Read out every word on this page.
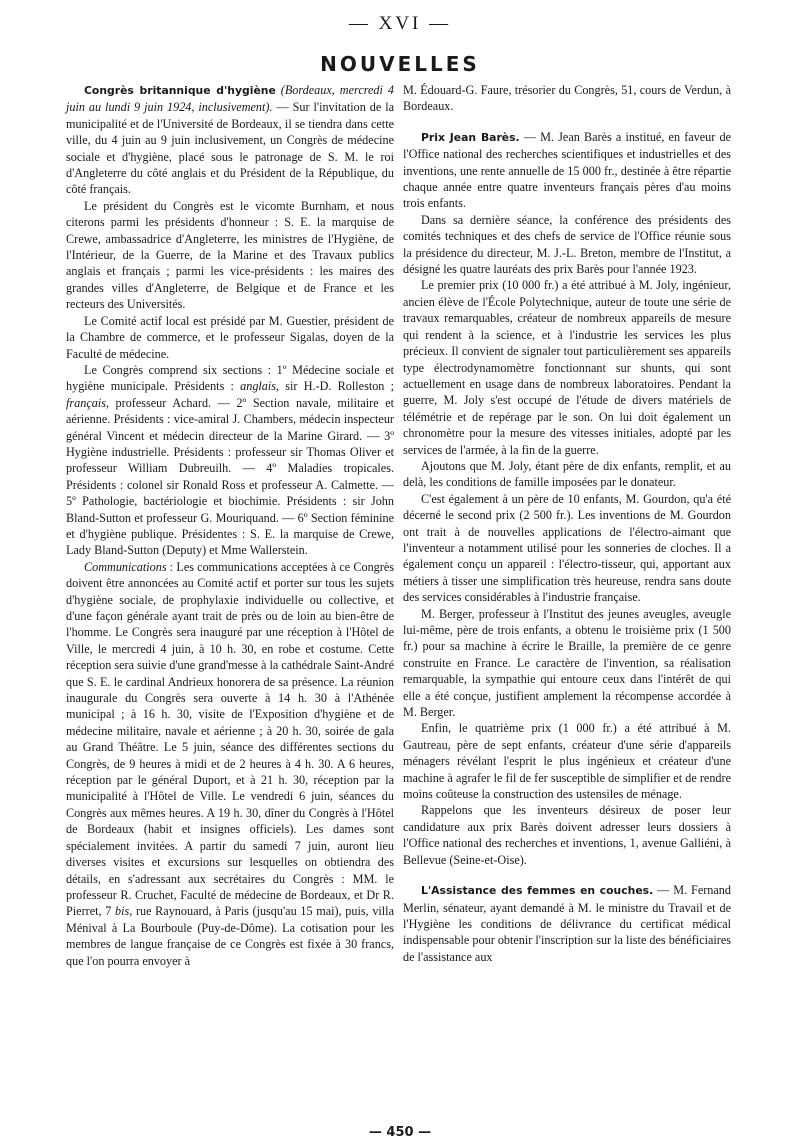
— XVI —
NOUVELLES

Congrès britannique d'hygiène (Bordeaux, mercredi 4 juin au lundi 9 juin 1924, inclusivement). — Sur l'invitation de la municipalité et de l'Université de Bordeaux, il se tiendra dans cette ville, du 4 juin au 9 juin inclusivement, un Congrès de médecine sociale et d'hygiène, placé sous le patronage de S. M. le roi d'Angleterre du côté anglais et du Président de la République, du côté français.

Le président du Congrès est le vicomte Burnham, et nous citerons parmi les présidents d'honneur : S. E. la marquise de Crewe, ambassadrice d'Angleterre, les ministres de l'Hygiène, de l'Intérieur, de la Guerre, de la Marine et des Travaux publics anglais et français ; parmi les vice-présidents : les maires des grandes villes d'Angleterre, de Belgique et de France et les recteurs des Universités.

Le Comité actif local est présidé par M. Guestier, président de la Chambre de commerce, et le professeur Sigalas, doyen de la Faculté de médecine.

Le Congrès comprend six sections : 1º Médecine sociale et hygiène municipale. Présidents : anglais, sir H.-D. Rolleston ; français, professeur Achard. — 2º Section navale, militaire et aérienne. Présidents : vice-amiral J. Chambers, médecin inspecteur général Vincent et médecin directeur de la Marine Girard. — 3º Hygiène industrielle. Présidents : professeur sir Thomas Oliver et professeur William Dubreuilh. — 4º Maladies tropicales. Présidents : colonel sir Ronald Ross et professeur A. Calmette. — 5º Pathologie, bactériologie et biochimie. Présidents : sir John Bland-Sutton et professeur G. Mouriquand. — 6º Section féminine et d'hygiène publique. Présidentes : S. E. la marquise de Crewe, Lady Bland-Sutton (Deputy) et Mme Wallerstein.

Communications : Les communications acceptées à ce Congrès doivent être annoncées au Comité actif et porter sur tous les sujets d'hygiène sociale, de prophylaxie individuelle ou collective, et d'une façon générale ayant trait de près ou de loin au bien-être de l'homme. Le Congrès sera inauguré par une réception à l'Hôtel de Ville, le mercredi 4 juin, à 10 h. 30, en robe et costume. Cette réception sera suivie d'une grand'messe à la cathédrale Saint-André que S. E. le cardinal Andrieux honorera de sa présence. La réunion inaugurale du Congrès sera ouverte à 14 h. 30 à l'Athénée municipal ; à 16 h. 30, visite de l'Exposition d'hygiène et de médecine militaire, navale et aérienne ; à 20 h. 30, soirée de gala au Grand Théâtre. Le 5 juin, séance des différentes sections du Congrès, de 9 heures à midi et de 2 heures à 4 h. 30. A 6 heures, réception par le général Duport, et à 21 h. 30, réception par la municipalité à l'Hôtel de Ville. Le vendredi 6 juin, séances du Congrès aux mêmes heures. A 19 h. 30, dîner du Congrès à l'Hôtel de Bordeaux (habit et insignes officiels). Les dames sont spécialement invitées. A partir du samedi 7 juin, auront lieu diverses visites et excursions sur lesquelles on obtiendra des détails, en s'adressant aux secrétaires du Congrès : MM. le professeur R. Cruchet, Faculté de médecine de Bordeaux, et Dr R. Pierret, 7 bis, rue Raynouard, à Paris (jusqu'au 15 mai), puis, villa Ménival à La Bourboule (Puy-de-Dôme). La cotisation pour les membres de langue française de ce Congrès est fixée à 30 francs, que l'on pourra envoyer à

M. Édouard-G. Faure, trésorier du Congrès, 51, cours de Verdun, à Bordeaux.

Prix Jean Barès. — M. Jean Barès a institué, en faveur de l'Office national des recherches scientifiques et industrielles et des inventions, une rente annuelle de 15 000 fr., destinée à être répartie chaque année entre quatre inventeurs français pères d'au moins trois enfants.

Dans sa dernière séance, la conférence des présidents des comités techniques et des chefs de service de l'Office réunie sous la présidence du directeur, M. J.-L. Breton, membre de l'Institut, a désigné les quatre lauréats des prix Barès pour l'année 1923.

Le premier prix (10 000 fr.) a été attribué à M. Joly, ingénieur, ancien élève de l'École Polytechnique, auteur de toute une série de travaux remarquables, créateur de nombreux appareils de mesure qui rendent à la science, et à l'industrie les services les plus précieux. Il convient de signaler tout particulièrement ses appareils type électrodynamomètre fonctionnant sur shunts, qui sont actuellement en usage dans de nombreux laboratoires. Pendant la guerre, M. Joly s'est occupé de l'étude de divers matériels de télémétrie et de repérage par le son. On lui doit également un chronomètre pour la mesure des vitesses initiales, adopté par les services de l'armée, à la fin de la guerre.

Ajoutons que M. Joly, étant père de dix enfants, remplit, et au delà, les conditions de famille imposées par le donateur.

C'est également à un père de 10 enfants, M. Gourdon, qu'a été décerné le second prix (2 500 fr.). Les inventions de M. Gourdon ont trait à de nouvelles applications de l'électro-aimant que l'inventeur a notamment utilisé pour les sonneries de cloches. Il a également conçu un appareil : l'électro-tisseur, qui, apportant aux métiers à tisser une simplification très heureuse, rendra sans doute des services considérables à l'industrie française.

M. Berger, professeur à l'Institut des jeunes aveugles, aveugle lui-même, père de trois enfants, a obtenu le troisième prix (1 500 fr.) pour sa machine à écrire le Braille, la première de ce genre construite en France. Le caractère de l'invention, sa réalisation remarquable, la sympathie qui entoure ceux dans l'intérêt de qui elle a été conçue, justifient amplement la récompense accordée à M. Berger.

Enfin, le quatrième prix (1 000 fr.) a été attribué à M. Gautreau, père de sept enfants, créateur d'une série d'appareils ménagers révélant l'esprit le plus ingénieux et créateur d'une machine à agrafer le fil de fer susceptible de simplifier et de rendre moins coûteuse la construction des ustensiles de ménage.

Rappelons que les inventeurs désireux de poser leur candidature aux prix Barès doivent adresser leurs dossiers à l'Office national des recherches et inventions, 1, avenue Galliéni, à Bellevue (Seine-et-Oise).

L'Assistance des femmes en couches. — M. Fernand Merlin, sénateur, ayant demandé à M. le ministre du Travail et de l'Hygiène les conditions de délivrance du certificat médical indispensable pour obtenir l'inscription sur la liste des bénéficiaires de l'assistance aux

— 450 —
